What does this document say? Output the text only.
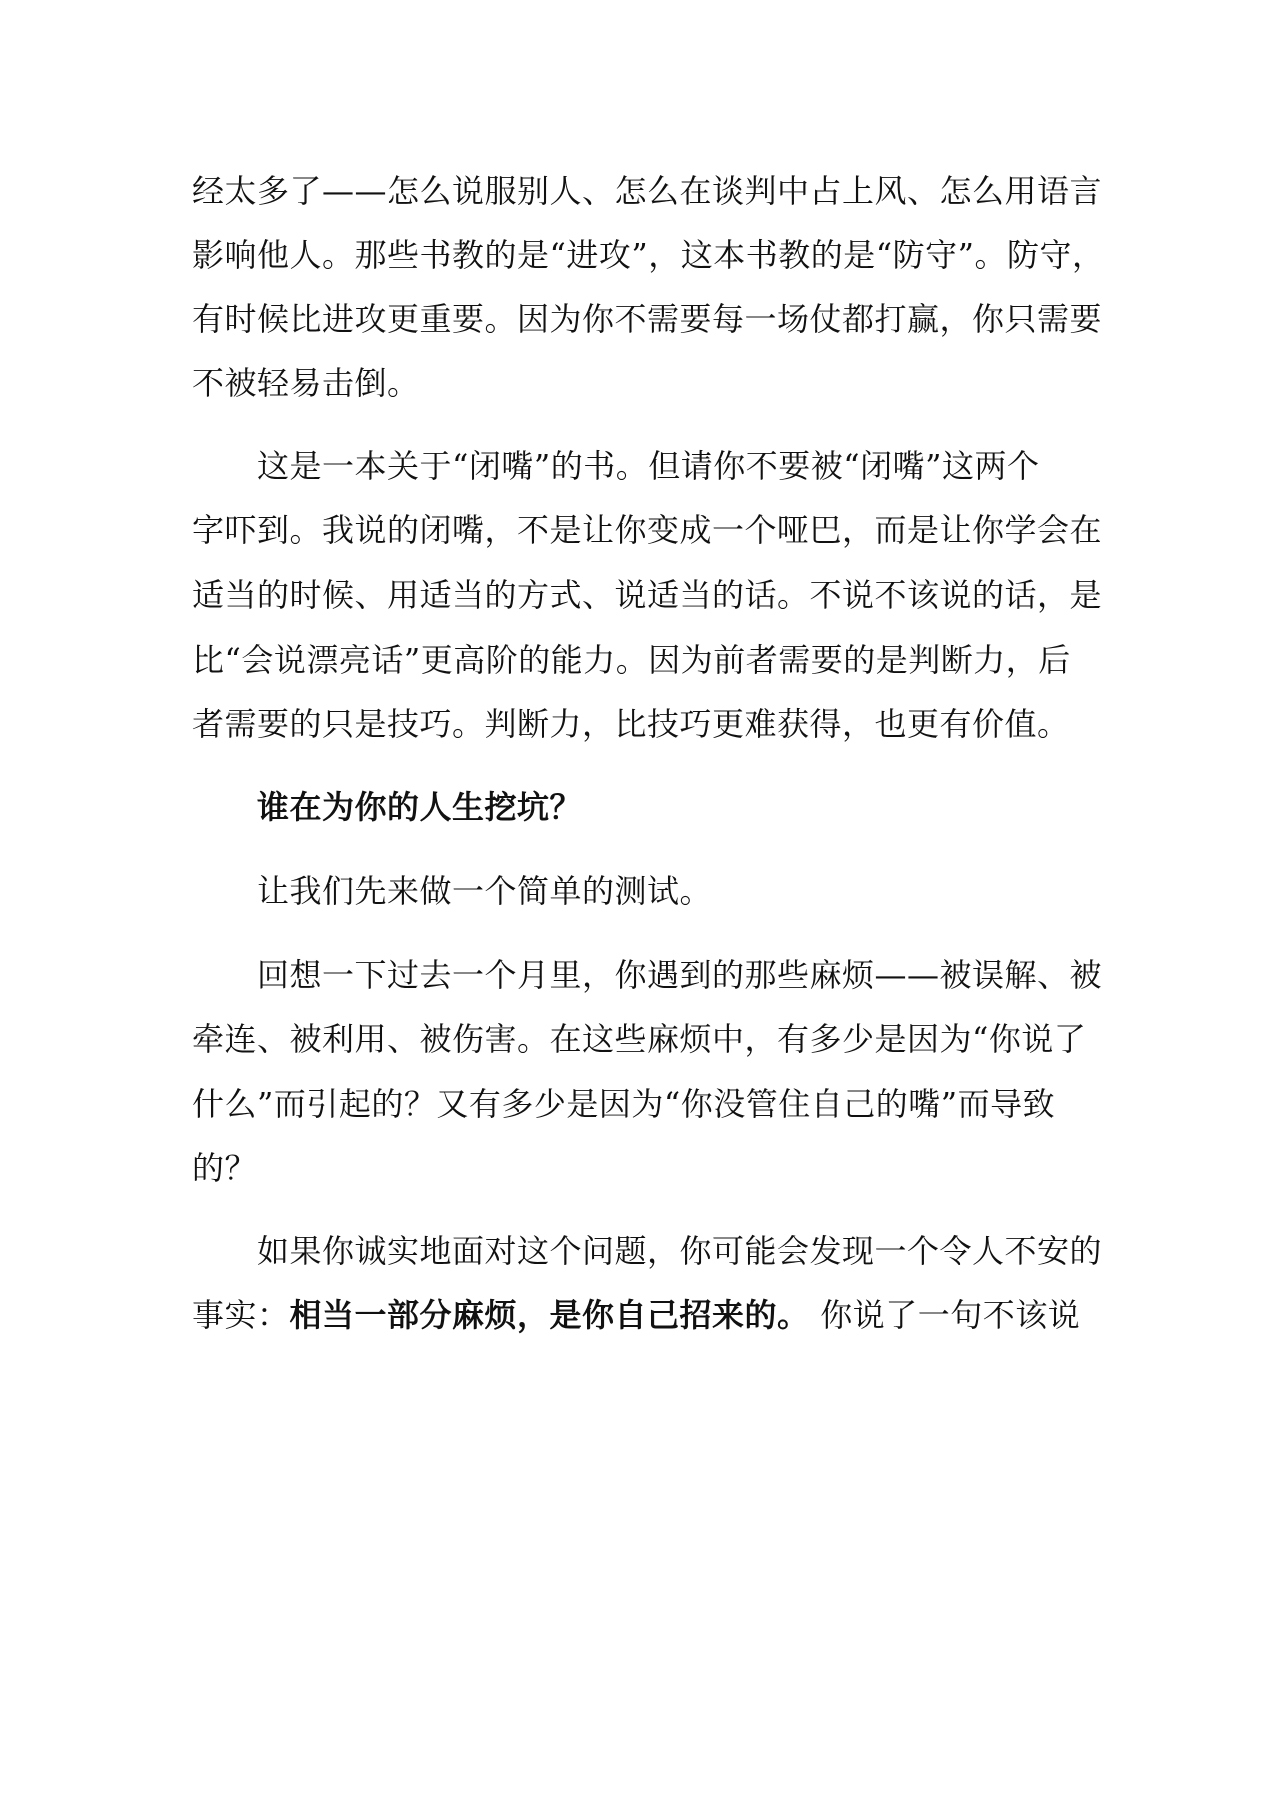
经太多了——怎么说服别人、怎么在谈判中占上风、怎么用语言
影响他人。那些书教的是“进攻”，这本书教的是“防守”。防守，
有时候比进攻更重要。因为你不需要每一场仗都打赢，你只需要
不被轻易击倒。
这是一本关于“闭嘴”的书。但请你不要被“闭嘴”这两个
字吓到。我说的闭嘴，不是让你变成一个哑巴，而是让你学会在
适当的时候、用适当的方式、说适当的话。不说不该说的话，是
比“会说漂亮话”更高阶的能力。因为前者需要的是判断力，后
者需要的只是技巧。判断力，比技巧更难获得，也更有价值。
谁在为你的人生挖坑？
让我们先来做一个简单的测试。
回想一下过去一个月里，你遇到的那些麻烦——被误解、被
牵连、被利用、被伤害。在这些麻烦中，有多少是因为“你说了
什么”而引起的？又有多少是因为“你没管住自己的嘴”而导致
的？
如果你诚实地面对这个问题，你可能会发现一个令人不安的
事实：相当一部分麻烦，是你自己招来的。 你说了一句不该说
